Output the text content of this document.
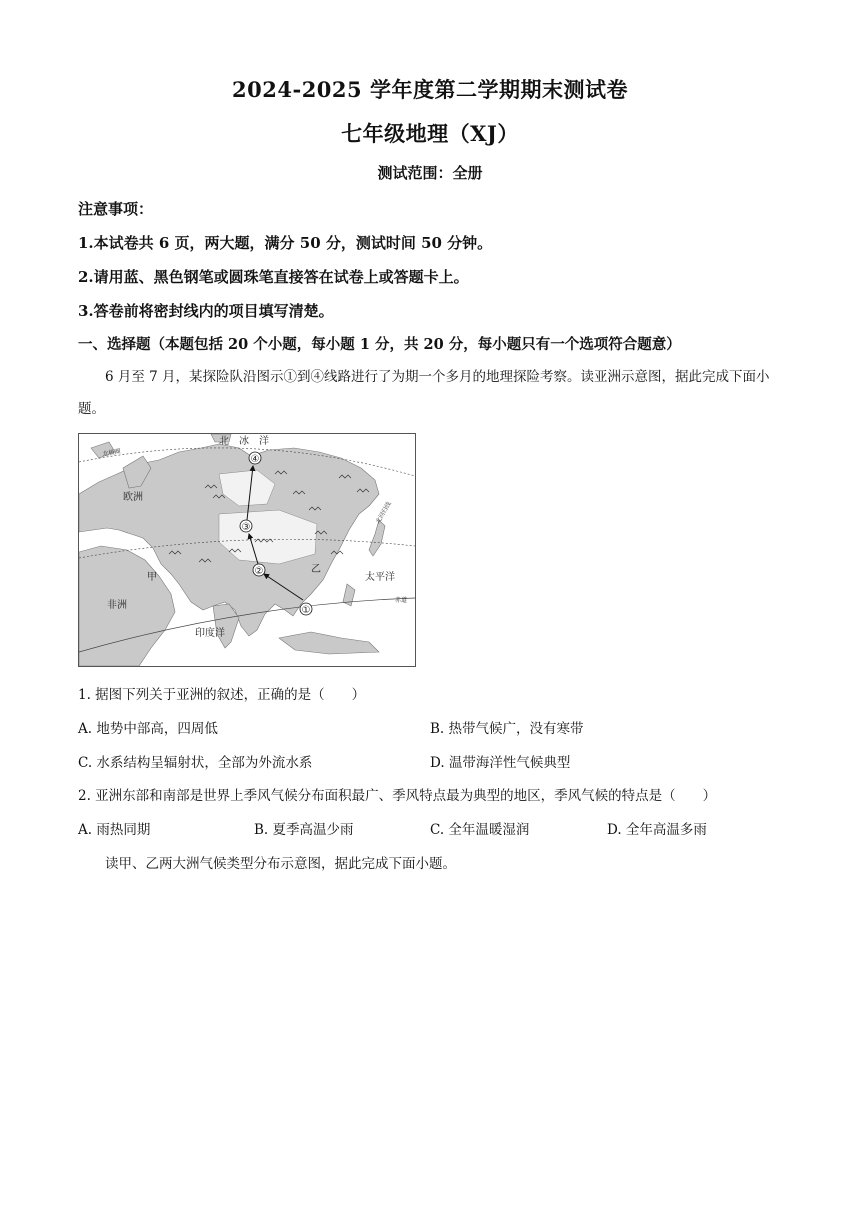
2024-2025 学年度第二学期期末测试卷
七年级地理（XJ）
测试范围：全册
注意事项：
1.本试卷共 6 页，两大题，满分 50 分，测试时间 50 分钟。
2.请用蓝、黑色钢笔或圆珠笔直接答在试卷上或答题卡上。
3.答卷前将密封线内的项目填写清楚。
一、选择题（本题包括 20 个小题，每小题 1 分，共 20 分，每小题只有一个选项符合题意）
6 月至 7 月，某探险队沿图示①到④线路进行了为期一个多月的地理探险考察。读亚洲示意图，据此完成下面小题。
①
②
③
④
北　冰　洋
欧洲
非洲
太平洋
印度洋
甲
乙
北回归线
赤道
北极圈
1. 据图下列关于亚洲的叙述，正确的是（　　）
A. 地势中部高，四周低	B. 热带气候广，没有寒带
C. 水系结构呈辐射状，全部为外流水系	D. 温带海洋性气候典型
2. 亚洲东部和南部是世界上季风气候分布面积最广、季风特点最为典型的地区，季风气候的特点是（　　）
A. 雨热同期	B. 夏季高温少雨	C. 全年温暖湿润	D. 全年高温多雨
读甲、乙两大洲气候类型分布示意图，据此完成下面小题。
